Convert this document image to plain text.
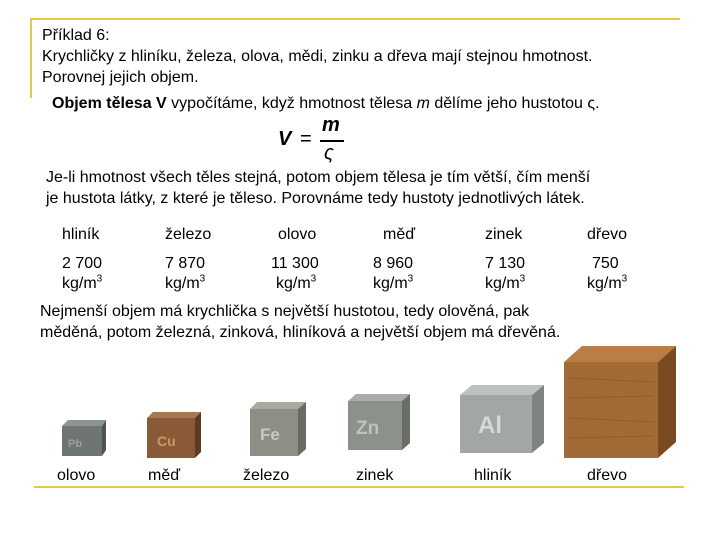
Příklad 6:
Krychličky z hliníku, železa, olova, mědi, zinku a dřeva mají stejnou hmotnost.
Porovnej jejich objem.
Objem tělesa V vypočítáme, když hmotnost tělesa m dělíme jeho hustotou ς.
V =
m
ς
Je-li hmotnost všech těles stejná, potom objem tělesa je tím větší, čím menší
je hustota látky, z které je těleso. Porovnáme tedy hustoty jednotlivých látek.
hliník	železo	olovo	měď	zinek	dřevo
2 700	7 870	11 300	8 960	7 130	750
$kg/m^3$	$kg/m^3$	$kg/m^3$	$kg/m^3$	$kg/m^3$	$kg/m^3$
Nejmenší objem má krychlička s největší hustotou, tedy olověná, pak
měděná, potom železná, zinková, hliníková a největší objem má dřevěná.
Pb	Cu	Fe	Zn	Al
olovo	měď	železo	zinek	hliník	dřevo
